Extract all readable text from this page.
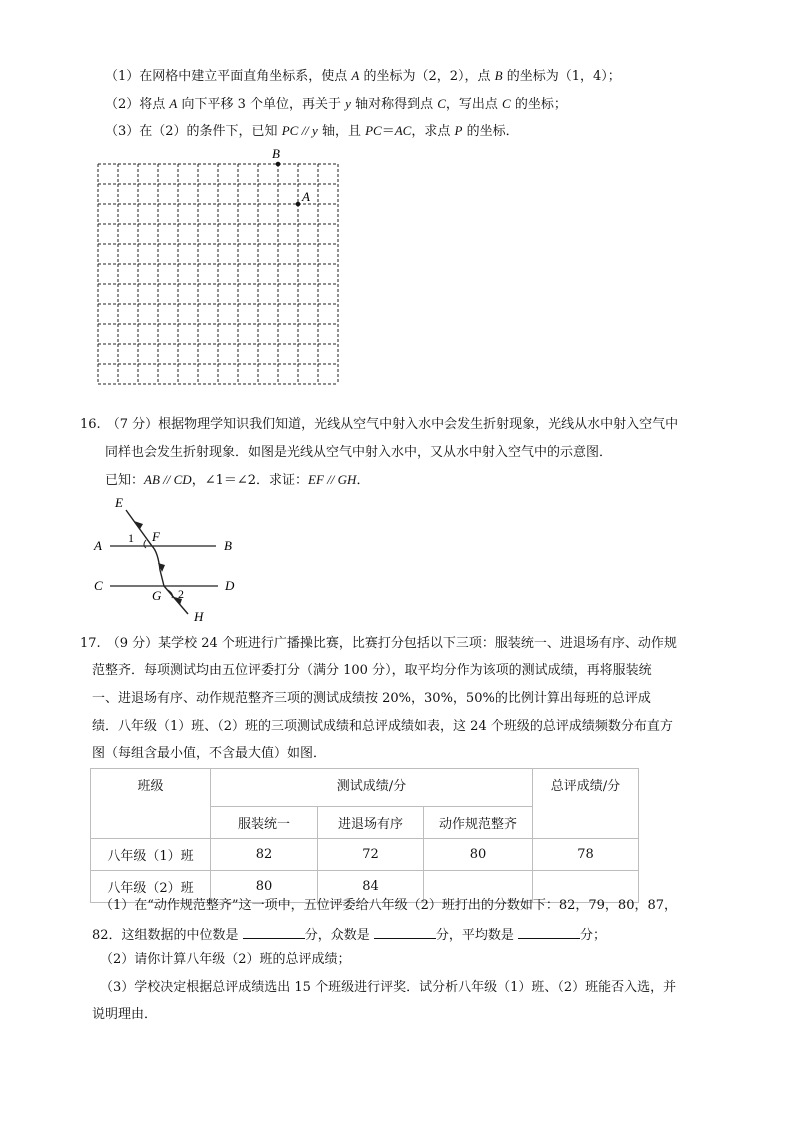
（1）在网格中建立平面直角坐标系，使点 A 的坐标为（2，2），点 B 的坐标为（1，4）；
（2）将点 A 向下平移 3 个单位，再关于 y 轴对称得到点 C，写出点 C 的坐标；
（3）在（2）的条件下，已知 PC // y 轴，且 PC＝AC，求点 P 的坐标．
B
A
16. （7 分）根据物理学知识我们知道，光线从空气中射入水中会发生折射现象，光线从水中射入空气中
同样也会发生折射现象．如图是光线从空气中射入水中，又从水中射入空气中的示意图．
已知：AB // CD，∠1＝∠2．求证：EF // GH．
E
A 1 F
B
C	D
G 2
H
17. （9 分）某学校 24 个班进行广播操比赛，比赛打分包括以下三项：服装统一、进退场有序、动作规
范整齐．每项测试均由五位评委打分（满分 100 分），取平均分作为该项的测试成绩，再将服装统
一、进退场有序、动作规范整齐三项的测试成绩按 20%，30%，50%的比例计算出每班的总评成
绩．八年级（1）班、（2）班的三项测试成绩和总评成绩如表，这 24 个班级的总评成绩频数分布直方
图（每组含最小值，不含最大值）如图．
班级	测试成绩/分			总评成绩/分
	服装统一	进退场有序	动作规范整齐	
八年级（1）班	82	72	80	78
八年级（2）班	80	84		
（1）在“动作规范整齐”这一项中，五位评委给八年级（2）班打出的分数如下：82，79，80，87，
82．这组数据的中位数是	分，众数是	分，平均数是	分；
（2）请你计算八年级（2）班的总评成绩；
（3）学校决定根据总评成绩选出 15 个班级进行评奖．试分析八年级（1）班、（2）班能否入选，并
说明理由．
